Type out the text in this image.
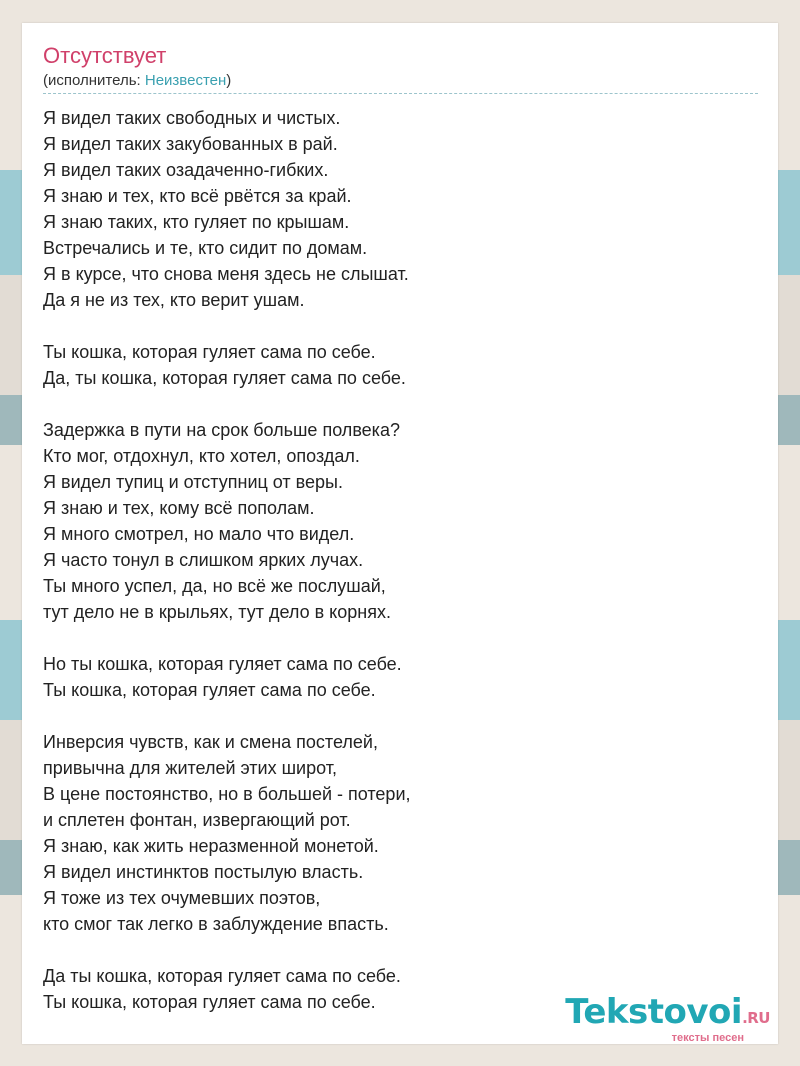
Отсутствует
(исполнитель: Неизвестен)
Я видел таких свободных и чистых.
Я видел таких закубованных в рай.
Я видел таких озадаченно-гибких.
Я знаю и тех, кто всё рвётся за край.
Я знаю таких, кто гуляет по крышам.
Встречались и те, кто сидит по домам.
Я в курсе, что снова меня здесь не слышат.
Да я не из тех, кто верит ушам.
Ты кошка, которая гуляет сама по себе.
Да, ты кошка, которая гуляет сама по себе.
Задержка в пути на срок больше полвека?
Кто мог, отдохнул, кто хотел, опоздал.
Я видел тупиц и отступниц от веры.
Я знаю и тех, кому всё пополам.
Я много смотрел, но мало что видел.
Я часто тонул в слишком ярких лучах.
Ты много успел, да, но всё же послушай,
тут дело не в крыльях, тут дело в корнях.
Но ты кошка, которая гуляет сама по себе.
Ты кошка, которая гуляет сама по себе.
Инверсия чувств, как и смена постелей,
привычна для жителей этих широт,
В цене постоянство, но в большей - потери,
и сплетен фонтан, извергающий рот.
Я знаю, как жить неразменной монетой.
Я видел инстинктов постылую власть.
Я тоже из тех очумевших поэтов,
кто смог так легко в заблуждение впасть.
Да ты кошка, которая гуляет сама по себе.
Ты кошка, которая гуляет сама по себе.	Tekstovoi.RU
тексты песен
